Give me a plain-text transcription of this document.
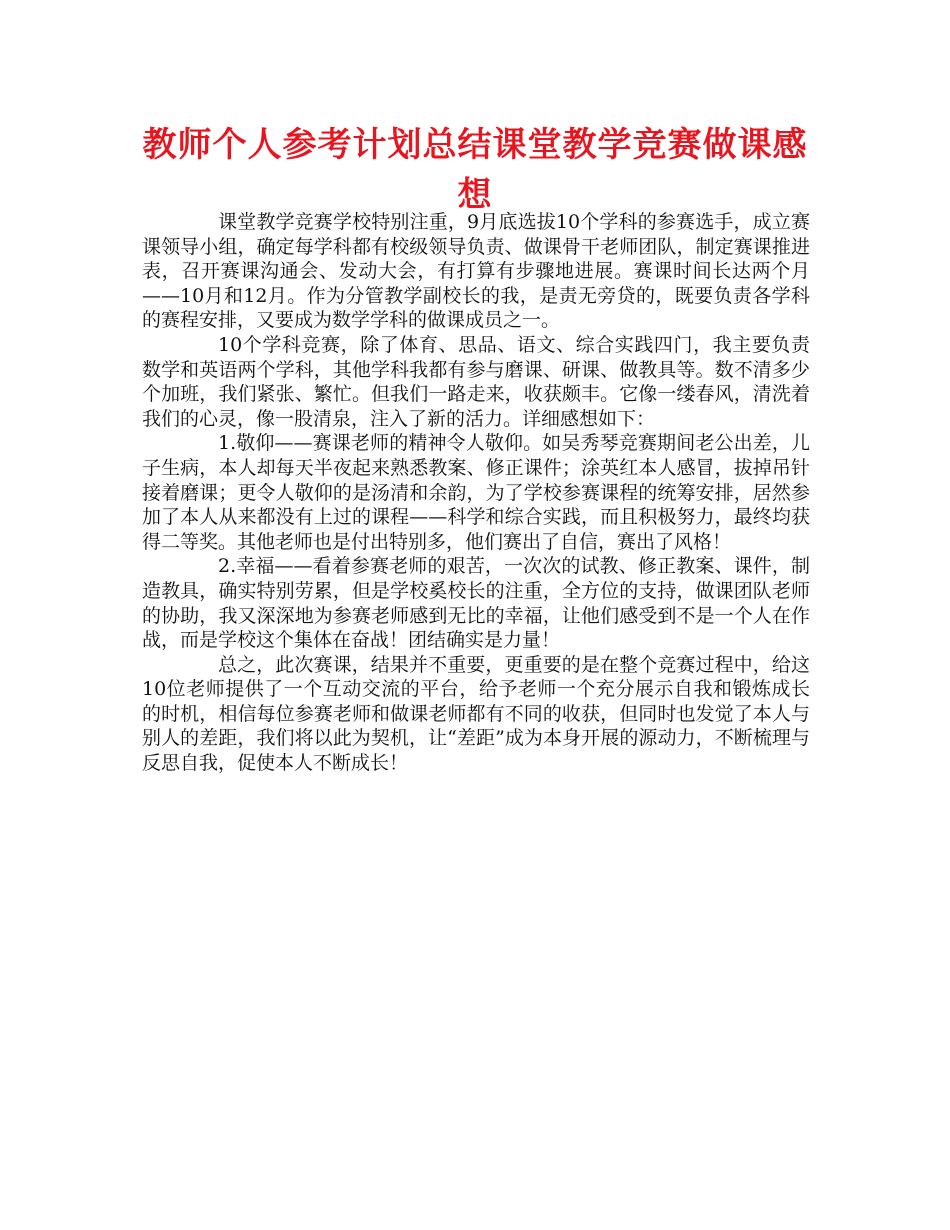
教师个人参考计划总结课堂教学竞赛做课感想

课堂教学竞赛学校特别注重，9月底选拔10个学科的参赛选手，成立赛课领导小组，确定每学科都有校级领导负责、做课骨干老师团队，制定赛课推进表，召开赛课沟通会、发动大会，有打算有步骤地进展。赛课时间长达两个月——10月和12月。作为分管教学副校长的我，是责无旁贷的，既要负责各学科的赛程安排，又要成为数学学科的做课成员之一。

10个学科竞赛，除了体育、思品、语文、综合实践四门，我主要负责数学和英语两个学科，其他学科我都有参与磨课、研课、做教具等。数不清多少个加班，我们紧张、繁忙。但我们一路走来，收获颇丰。它像一缕春风，清洗着我们的心灵，像一股清泉，注入了新的活力。详细感想如下：

1.敬仰——赛课老师的精神令人敬仰。如吴秀琴竞赛期间老公出差，儿子生病，本人却每天半夜起来熟悉教案、修正课件；涂英红本人感冒，拔掉吊针接着磨课；更令人敬仰的是汤清和余韵，为了学校参赛课程的统筹安排，居然参加了本人从来都没有上过的课程——科学和综合实践，而且积极努力，最终均获得二等奖。其他老师也是付出特别多，他们赛出了自信，赛出了风格！

2.幸福——看着参赛老师的艰苦，一次次的试教、修正教案、课件，制造教具，确实特别劳累，但是学校奚校长的注重，全方位的支持，做课团队老师的协助，我又深深地为参赛老师感到无比的幸福，让他们感受到不是一个人在作战，而是学校这个集体在奋战！团结确实是力量！

总之，此次赛课，结果并不重要，更重要的是在整个竞赛过程中，给这10位老师提供了一个互动交流的平台，给予老师一个充分展示自我和锻炼成长的时机，相信每位参赛老师和做课老师都有不同的收获，但同时也发觉了本人与别人的差距，我们将以此为契机，让“差距”成为本身开展的源动力，不断梳理与反思自我，促使本人不断成长！
